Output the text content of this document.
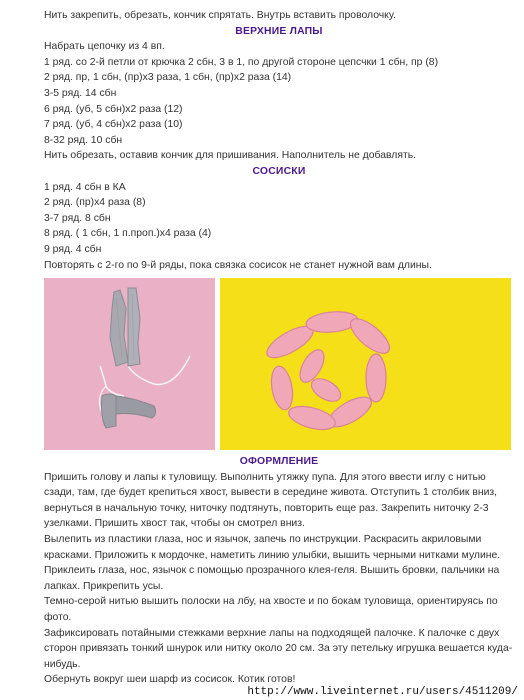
Нить закрепить, обрезать, кончик спрятать. Внутрь вставить проволочку.
ВЕРХНИЕ ЛАПЫ
Набрать цепочку из 4 вп.
1 ряд. со 2-й петли от крючка 2 сбн, 3 в 1, по другой стороне цепсчки 1 сбн, пр (8)
2 ряд. пр, 1 сбн, (пр)х3 раза, 1 сбн, (пр)х2 раза (14)
3-5 ряд. 14 сбн
6 ряд. (уб, 5 сбн)х2 раза (12)
7 ряд. (уб, 4 сбн)х2 раза (10)
8-32 ряд. 10 сбн
Нить обрезать, оставив кончик для пришивания. Наполнитель не добавлять.
СОСИСКИ
1 ряд. 4 сбн в КА
2 ряд. (пр)х4 раза (8)
3-7 ряд. 8 сбн
8 ряд. ( 1 сбн, 1 п.проп.)х4 раза (4)
9 ряд. 4 сбн
Повторять с 2-го по 9-й ряды, пока связка сосисок не станет нужной вам длины.
ОФОРМЛЕНИЕ
Пришить голову и лапы к туловищу. Выполнить утяжку пупа. Для этого ввести иглу с нитью
сзади, там, где будет крепиться хвост, вывести в середине живота. Отступить 1 столбик вниз,
вернуться в начальную точку, ниточку подтянуть, повторить еще раз. Закрепить ниточку 2-3
узелками. Пришить хвост так, чтобы он смотрел вниз.
Вылепить из пластики глаза, нос и язычок, запечь по инструкции. Раскрасить акриловыми
красками. Приложить к мордочке, наметить линию улыбки, вышить черными нитками мулине.
Приклеить глаза, нос, язычок с помощью прозрачного клея-геля. Вышить бровки, пальчики на
лапках. Прикрепить усы.
Темно-серой нитью вышить полоски на лбу, на хвосте и по бокам туловища, ориентируясь по
фото.
Зафиксировать потайными стежками верхние лапы на подходящей палочке. К палочке с двух
сторон привязать тонкий шнурок или нитку около 20 см. За эту петельку игрушка вешается куда-
нибудь.
Обернуть вокруг шеи шарф из сосисок. Котик готов!
http://www.liveinternet.ru/users/4511209/
